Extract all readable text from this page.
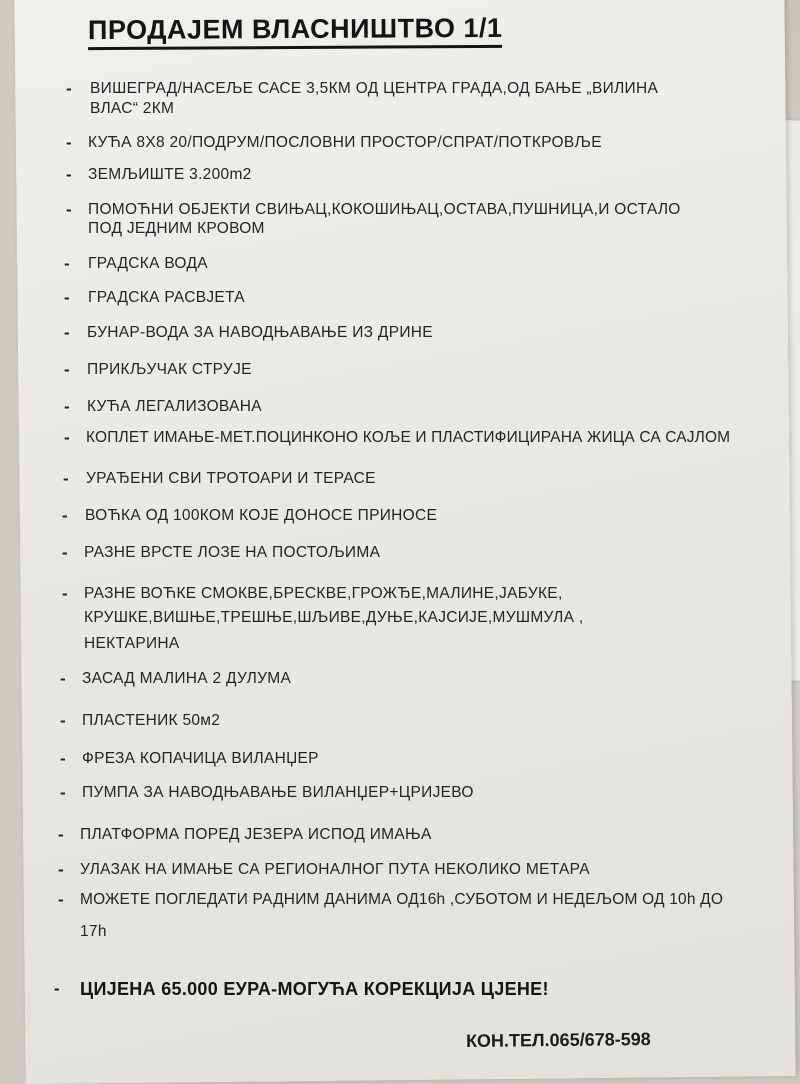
ПРОДАЈЕМ ВЛАСНИШТВО 1/1
- ВИШЕГРАД/НАСЕЉЕ САСЕ 3,5КМ ОД ЦЕНТРА ГРАДА,ОД БАЊЕ „ВИЛИНА
ВЛАС“ 2КМ
- КУЋА 8Х8 20/ПОДРУМ/ПОСЛОВНИ ПРОСТОР/СПРАТ/ПОТКРОВЉЕ
- ЗЕМЉИШТЕ 3.200m2
- ПОМОЋНИ ОБЈЕКТИ СВИЊАЦ,КОКОШИЊАЦ,ОСТАВА,ПУШНИЦА,И ОСТАЛО
ПОД ЈЕДНИМ КРОВОМ
- ГРАДСКА ВОДА
- ГРАДСКА РАСВЈЕТА
- БУНАР-ВОДА ЗА НАВОДЊАВАЊЕ ИЗ ДРИНЕ
- ПРИКЉУЧАК СТРУЈЕ
- КУЋА ЛЕГАЛИЗОВАНА
- КОПЛЕТ ИМАЊЕ-МЕТ.ПОЦИНКОНО КОЉЕ И ПЛАСТИФИЦИРАНА ЖИЦА СА САЈЛОМ
- УРАЂЕНИ СВИ ТРОТОАРИ И ТЕРАСЕ
- ВОЋКА ОД 100КОМ КОЈЕ ДОНОСЕ ПРИНОСЕ
- РАЗНЕ ВРСТЕ ЛОЗЕ НА ПОСТОЉИМА
- РАЗНЕ ВОЋКЕ СМОКВЕ,БРЕСКВЕ,ГРОЖЂЕ,МАЛИНЕ,ЈАБУКЕ,
КРУШКЕ,ВИШЊЕ,ТРЕШЊЕ,ШЉИВЕ,ДУЊЕ,КАЈСИЈЕ,МУШМУЛА ,
НЕКТАРИНА
- ЗАСАД МАЛИНА 2 ДУЛУМА
- ПЛАСТЕНИК 50м2
- ФРЕЗА КОПАЧИЦА ВИЛАНЏЕР
- ПУМПА ЗА НАВОДЊАВАЊЕ ВИЛАНЏЕР+ЦРИЈЕВО
- ПЛАТФОРМА ПОРЕД ЈЕЗЕРА ИСПОД ИМАЊА
- УЛАЗАК НА ИМАЊЕ СА РЕГИОНАЛНОГ ПУТА НЕКОЛИКО МЕТАРА
- МОЖЕТЕ ПОГЛЕДАТИ РАДНИМ ДАНИМА ОД16h ,СУБОТОМ И НЕДЕЉОМ ОД 10h ДО
17h
- ЦИЈЕНА 65.000 ЕУРА-МОГУЋА КОРЕКЦИЈА ЦЈЕНЕ!
КОН.ТЕЛ.065/678-598
